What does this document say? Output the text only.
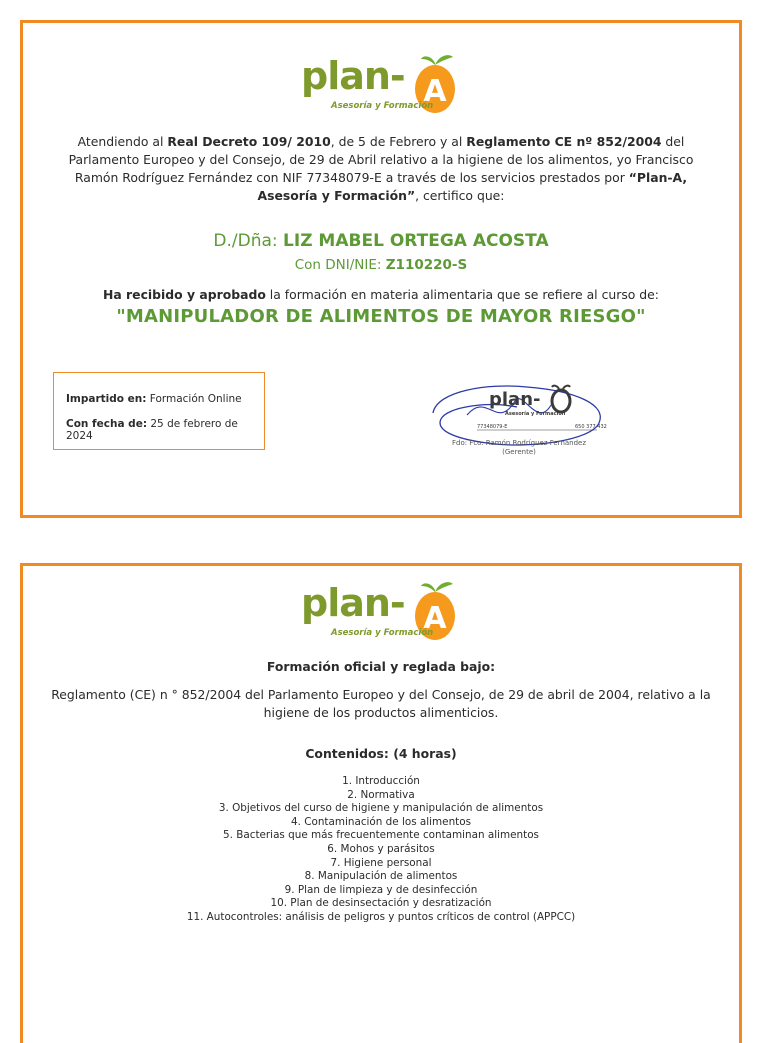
plan- A
Asesoría y Formación
Atendiendo al Real Decreto 109/ 2010, de 5 de Febrero y al Reglamento CE nº 852/2004 del Parlamento Europeo y del Consejo, de 29 de Abril relativo a la higiene de los alimentos, yo Francisco Ramón Rodríguez Fernández con NIF 77348079-E a través de los servicios prestados por “Plan-A, Asesoría y Formación”, certifico que:
D./Dña: LIZ MABEL ORTEGA ACOSTA
Con DNI/NIE: Z110220-S
Ha recibido y aprobado la formación en materia alimentaria que se refiere al curso de:
"MANIPULADOR DE ALIMENTOS DE MAYOR RIESGO"
Impartido en: Formación Online
Con fecha de: 25 de febrero de 2024
plan-
Asesoría y Formación
77348079-E	650 377 432
Fdo: Fco. Ramón Rodríguez Fernández
(Gerente)
plan- A
Asesoría y Formación
Formación oficial y reglada bajo:
Reglamento (CE) n ° 852/2004 del Parlamento Europeo y del Consejo, de 29 de abril de 2004, relativo a la higiene de los productos alimenticios.
Contenidos: (4 horas)
1. Introducción
2. Normativa
3. Objetivos del curso de higiene y manipulación de alimentos
4. Contaminación de los alimentos
5. Bacterias que más frecuentemente contaminan alimentos
6. Mohos y parásitos
7. Higiene personal
8. Manipulación de alimentos
9. Plan de limpieza y de desinfección
10. Plan de desinsectación y desratización
11. Autocontroles: análisis de peligros y puntos críticos de control (APPCC)
